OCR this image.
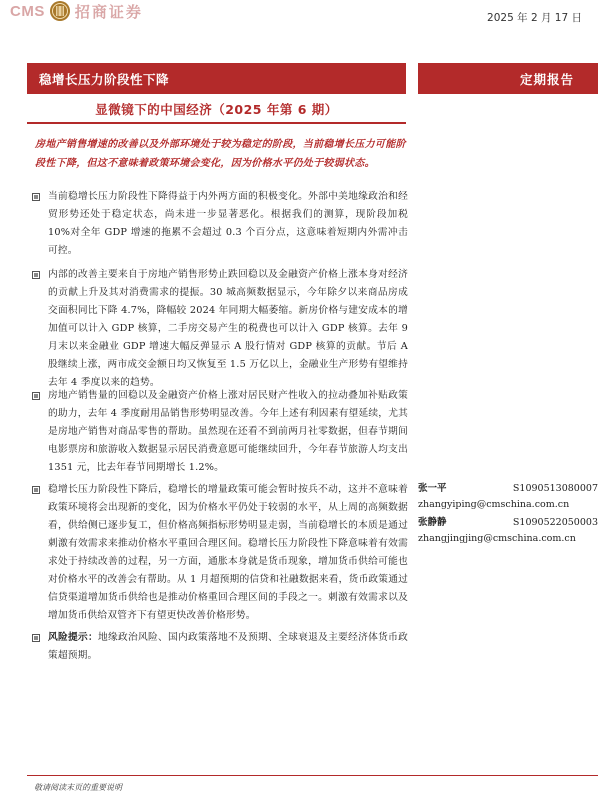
CMS 招商证券	2025 年 2 月 17 日
稳增长压力阶段性下降	定期报告
显微镜下的中国经济（2025 年第 6 期）
房地产销售增速的改善以及外部环境处于较为稳定的阶段，当前稳增长压力可能阶段性下降，但这不意味着政策环境会变化，因为价格水平仍处于较弱状态。
当前稳增长压力阶段性下降得益于内外两方面的积极变化。外部中美地缘政治和经贸形势还处于稳定状态，尚未进一步显著恶化。根据我们的测算，现阶段加税 10%对全年 GDP 增速的拖累不会超过 0.3 个百分点，这意味着短期内外需冲击可控。
内部的改善主要来自于房地产销售形势止跌回稳以及金融资产价格上涨本身对经济的贡献上升及其对消费需求的提振。30 城高频数据显示，今年除夕以来商品房成交面积同比下降 4.7%，降幅较 2024 年同期大幅萎缩。新房价格与建安成本的增加值可以计入 GDP 核算，二手房交易产生的税费也可以计入 GDP 核算。去年 9 月末以来金融业 GDP 增速大幅反弹显示 A 股行情对 GDP 核算的贡献。节后 A 股继续上涨，两市成交金额日均又恢复至 1.5 万亿以上，金融业生产形势有望维持去年 4 季度以来的趋势。
房地产销售量的回稳以及金融资产价格上涨对居民财产性收入的拉动叠加补贴政策的助力，去年 4 季度耐用品销售形势明显改善。今年上述有利因素有望延续，尤其是房地产销售对商品零售的帮助。虽然现在还看不到前两月社零数据，但春节期间电影票房和旅游收入数据显示居民消费意愿可能继续回升，今年春节旅游人均支出 1351 元，比去年春节同期增长 1.2%。
稳增长压力阶段性下降后，稳增长的增量政策可能会暂时按兵不动，这并不意味着政策环境将会出现新的变化，因为价格水平仍处于较弱的水平，从上周的高频数据看，供给侧已逐步复工，但价格高频指标形势明显走弱，当前稳增长的本质是通过刺激有效需求来推动价格水平重回合理区间。稳增长压力阶段性下降意味着有效需求处于持续改善的过程，另一方面，通胀本身就是货币现象，增加货币供给可能也对价格水平的改善会有帮助。从 1 月超预期的信贷和社融数据来看，货币政策通过信贷渠道增加货币供给也是推动价格重回合理区间的手段之一。刺激有效需求以及增加货币供给双管齐下有望更快改善价格形势。
风险提示：地缘政治风险、国内政策落地不及预期、全球衰退及主要经济体货币政策超预期。
张一平	S1090513080007
zhangyiping@cmschina.com.cn
张静静	S1090522050003
zhangjingjing@cmschina.com.cn
敬请阅读末页的重要说明
